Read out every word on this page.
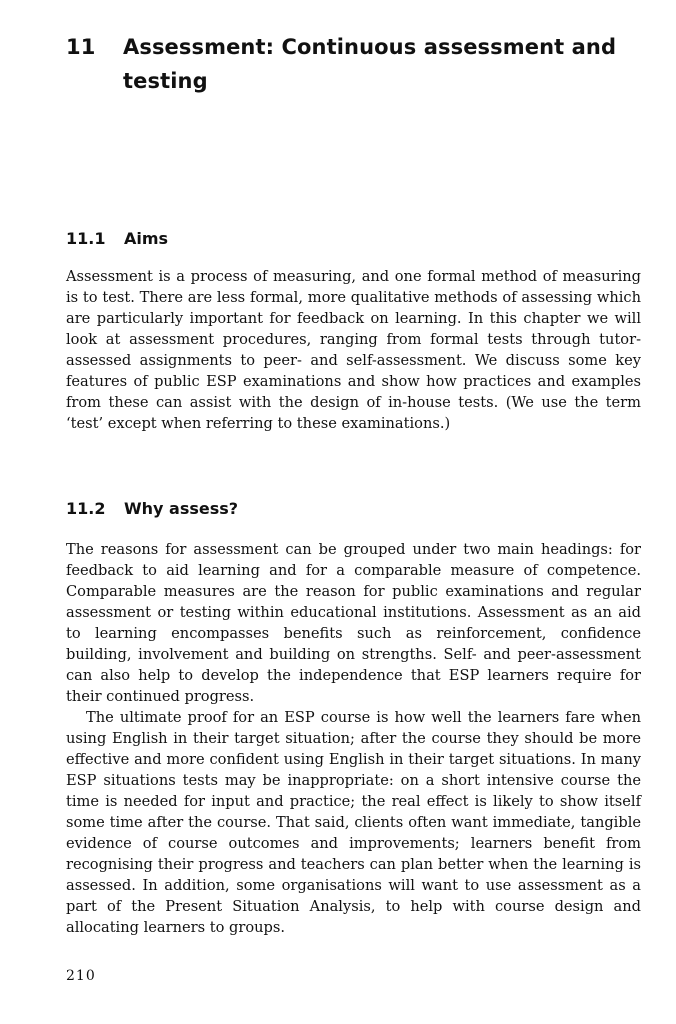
11 Assessment: Continuous assessment and testing
11.1 Aims

Assessment is a process of measuring, and one formal method of measuring is to test. There are less formal, more qualitative methods of assessing which are particularly important for feedback on learning. In this chapter we will look at assessment procedures, ranging from formal tests through tutor-assessed assignments to peer- and self-assessment. We discuss some key features of public ESP examinations and show how practices and examples from these can assist with the design of in-house tests. (We use the term ‘test’ except when referring to these examinations.)

11.2 Why assess?

The reasons for assessment can be grouped under two main headings: for feedback to aid learning and for a comparable measure of competence. Comparable measures are the reason for public examinations and regular assessment or testing within educational institutions. Assessment as an aid to learning encompasses benefits such as reinforcement, confidence building, involvement and building on strengths. Self- and peer-assessment can also help to develop the independence that ESP learners require for their continued progress.

The ultimate proof for an ESP course is how well the learners fare when using English in their target situation; after the course they should be more effective and more confident using English in their target situations. In many ESP situations tests may be inappropriate: on a short intensive course the time is needed for input and practice; the real effect is likely to show itself some time after the course. That said, clients often want immediate, tangible evidence of course outcomes and improvements; learners benefit from recognising their progress and teachers can plan better when the learning is assessed. In addition, some organisations will want to use assessment as a part of the Present Situation Analysis, to help with course design and allocating learners to groups.

210
